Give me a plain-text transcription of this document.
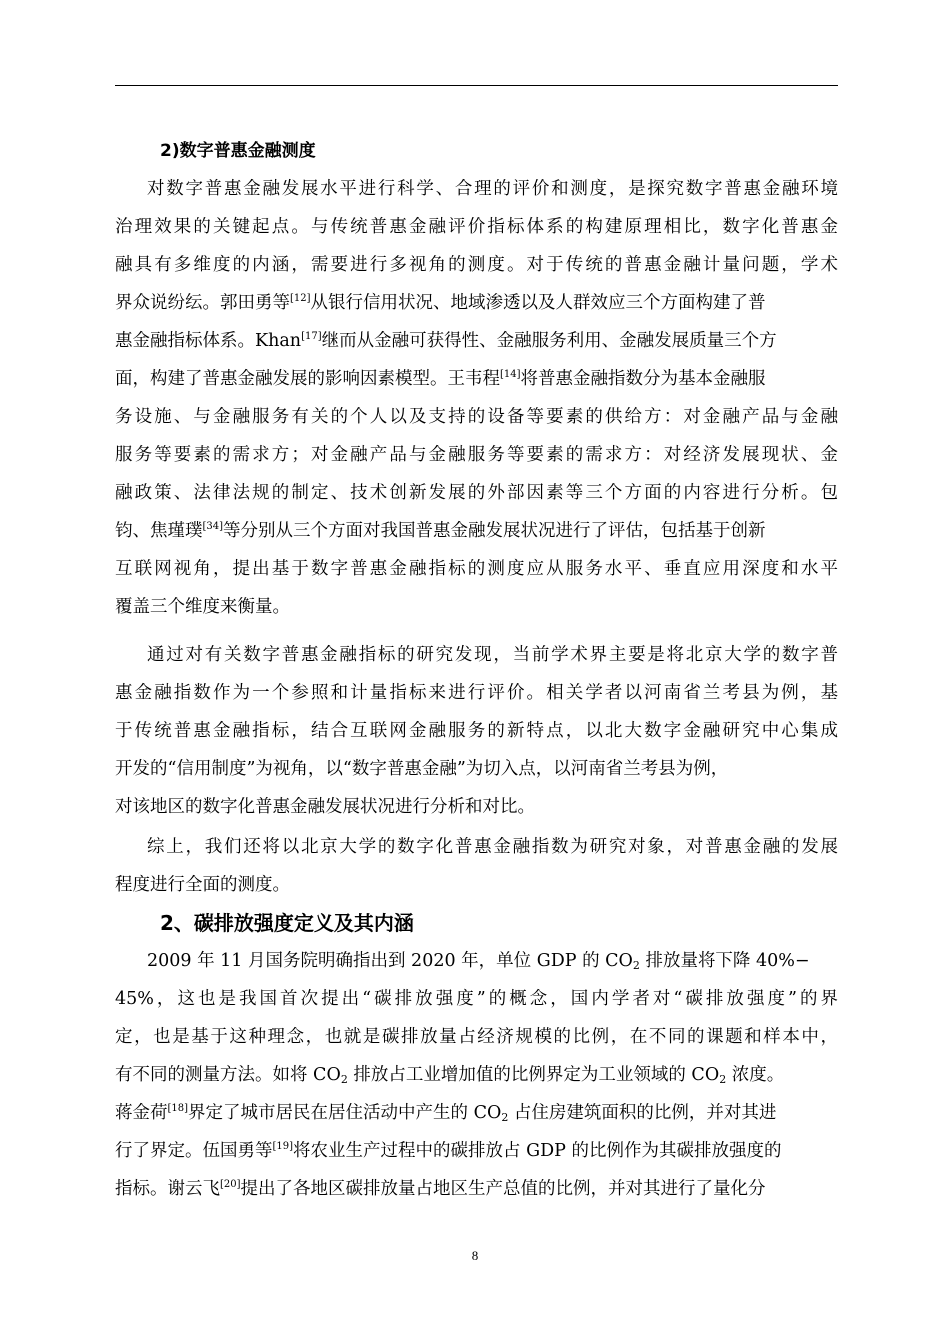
2)数字普惠金融测度
对数字普惠金融发展水平进行科学、合理的评价和测度，是探究数字普惠金融环境
治理效果的关键起点。与传统普惠金融评价指标体系的构建原理相比，数字化普惠金
融具有多维度的内涵，需要进行多视角的测度。对于传统的普惠金融计量问题，学术
界众说纷纭。郭田勇等[12]从银行信用状况、地域渗透以及人群效应三个方面构建了普
惠金融指标体系。Khan[17]继而从金融可获得性、金融服务利用、金融发展质量三个方
面，构建了普惠金融发展的影响因素模型。王韦程[14]将普惠金融指数分为基本金融服
务设施、与金融服务有关的个人以及支持的设备等要素的供给方：对金融产品与金融
服务等要素的需求方；对金融产品与金融服务等要素的需求方：对经济发展现状、金
融政策、法律法规的制定、技术创新发展的外部因素等三个方面的内容进行分析。包
钧、焦瑾璞[34]等分别从三个方面对我国普惠金融发展状况进行了评估，包括基于创新
互联网视角，提出基于数字普惠金融指标的测度应从服务水平、垂直应用深度和水平
覆盖三个维度来衡量。
通过对有关数字普惠金融指标的研究发现，当前学术界主要是将北京大学的数字普
惠金融指数作为一个参照和计量指标来进行评价。相关学者以河南省兰考县为例，基
于传统普惠金融指标，结合互联网金融服务的新特点，以北大数字金融研究中心集成
开发的“信用制度”为视角，以“数字普惠金融”为切入点，以河南省兰考县为例，
对该地区的数字化普惠金融发展状况进行分析和对比。
综上，我们还将以北京大学的数字化普惠金融指数为研究对象，对普惠金融的发展
程度进行全面的测度。
2、碳排放强度定义及其内涵
2009 年 11 月国务院明确指出到 2020 年，单位 GDP 的 $CO_2$ 排放量将下降 40%−
45%，这也是我国首次提出“碳排放强度”的概念，国内学者对“碳排放强度”的界
定，也是基于这种理念，也就是碳排放量占经济规模的比例，在不同的课题和样本中，
有不同的测量方法。如将 $CO_2$ 排放占工业增加值的比例界定为工业领域的 $CO_2$ 浓度。
蒋金荷[18]界定了城市居民在居住活动中产生的 $CO_2$ 占住房建筑面积的比例，并对其进
行了界定。伍国勇等[19]将农业生产过程中的碳排放占 GDP 的比例作为其碳排放强度的
指标。谢云飞[20]提出了各地区碳排放量占地区生产总值的比例，并对其进行了量化分
8
